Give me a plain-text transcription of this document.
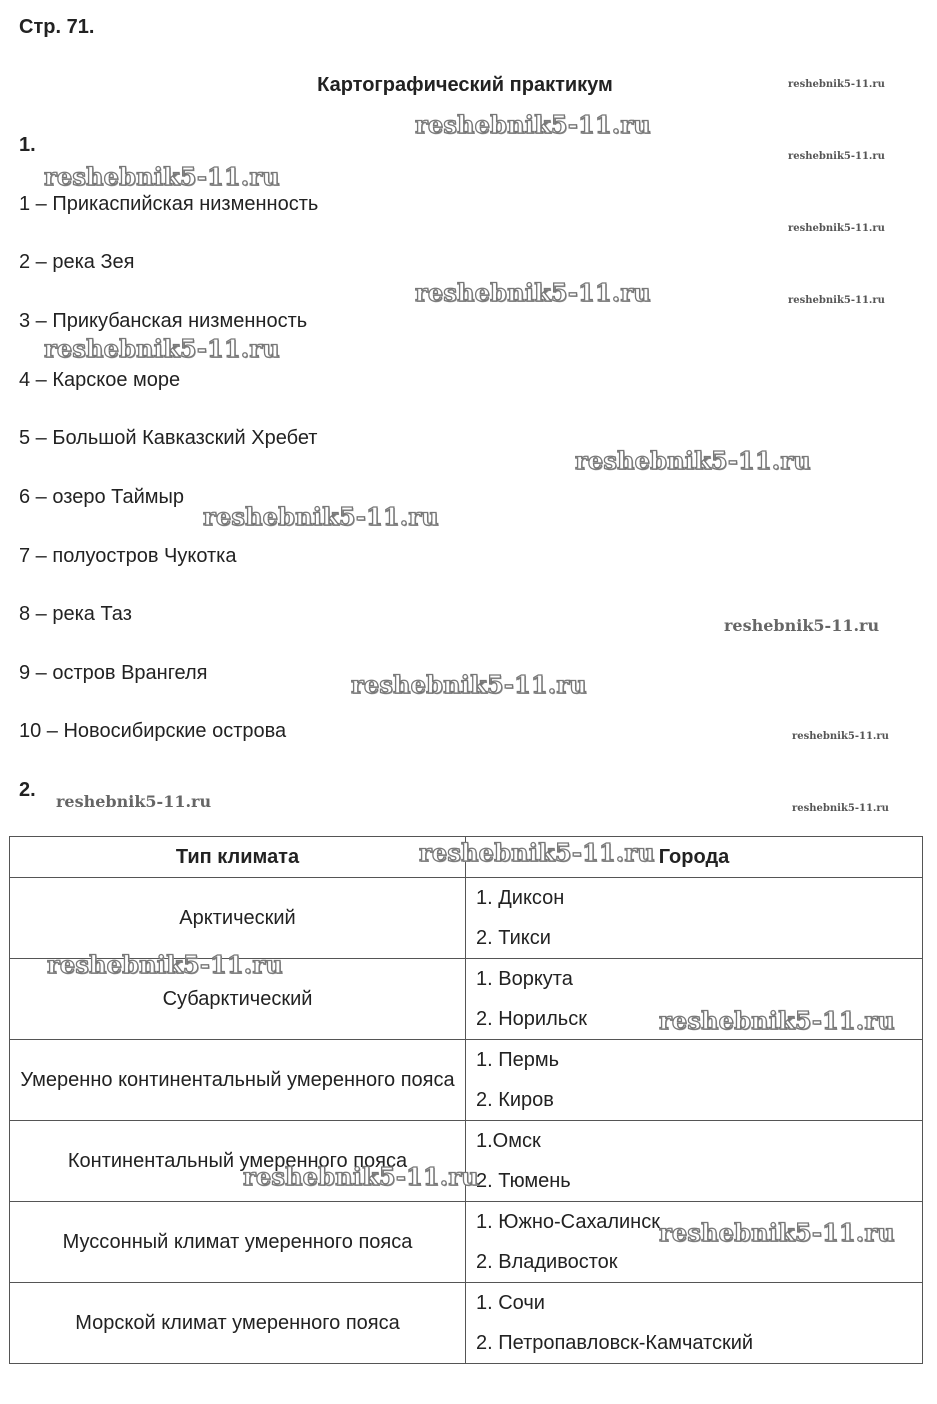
Стр. 71.
Картографический практикум
1.
1 – Прикаспийская низменность
2 – река Зея
3 – Прикубанская низменность
4 – Карское море
5 – Большой Кавказский Хребет
6 – озеро Таймыр
7 – полуостров Чукотка
8 – река Таз
9 – остров Врангеля
10 – Новосибирские острова
2.
Тип климата	Города
Арктический	1. Диксон
2. Тикси

Субарктический	1. Воркута
2. Норильск

Умеренно континентальный умеренного пояса	1. Пермь
2. Киров

Континентальный умеренного пояса	1.Омск
2. Тюмень

Муссонный климат умеренного пояса	1. Южно-Сахалинск
2. Владивосток

Морской климат умеренного пояса	1. Сочи
2. Петропавловск-Камчатский
reshebnik5-11.ru
reshebnik5-11.ru
reshebnik5-11.ru
reshebnik5-11.ru
reshebnik5-11.ru
reshebnik5-11.ru
reshebnik5-11.ru
reshebnik5-11.ru
reshebnik5-11.ru
reshebnik5-11.ru
reshebnik5-11.ru
reshebnik5-11.ru
reshebnik5-11.ru
reshebnik5-11.ru
reshebnik5-11.ru
reshebnik5-11.ru
reshebnik5-11.ru
reshebnik5-11.ru
reshebnik5-11.ru
reshebnik5-11.ru
